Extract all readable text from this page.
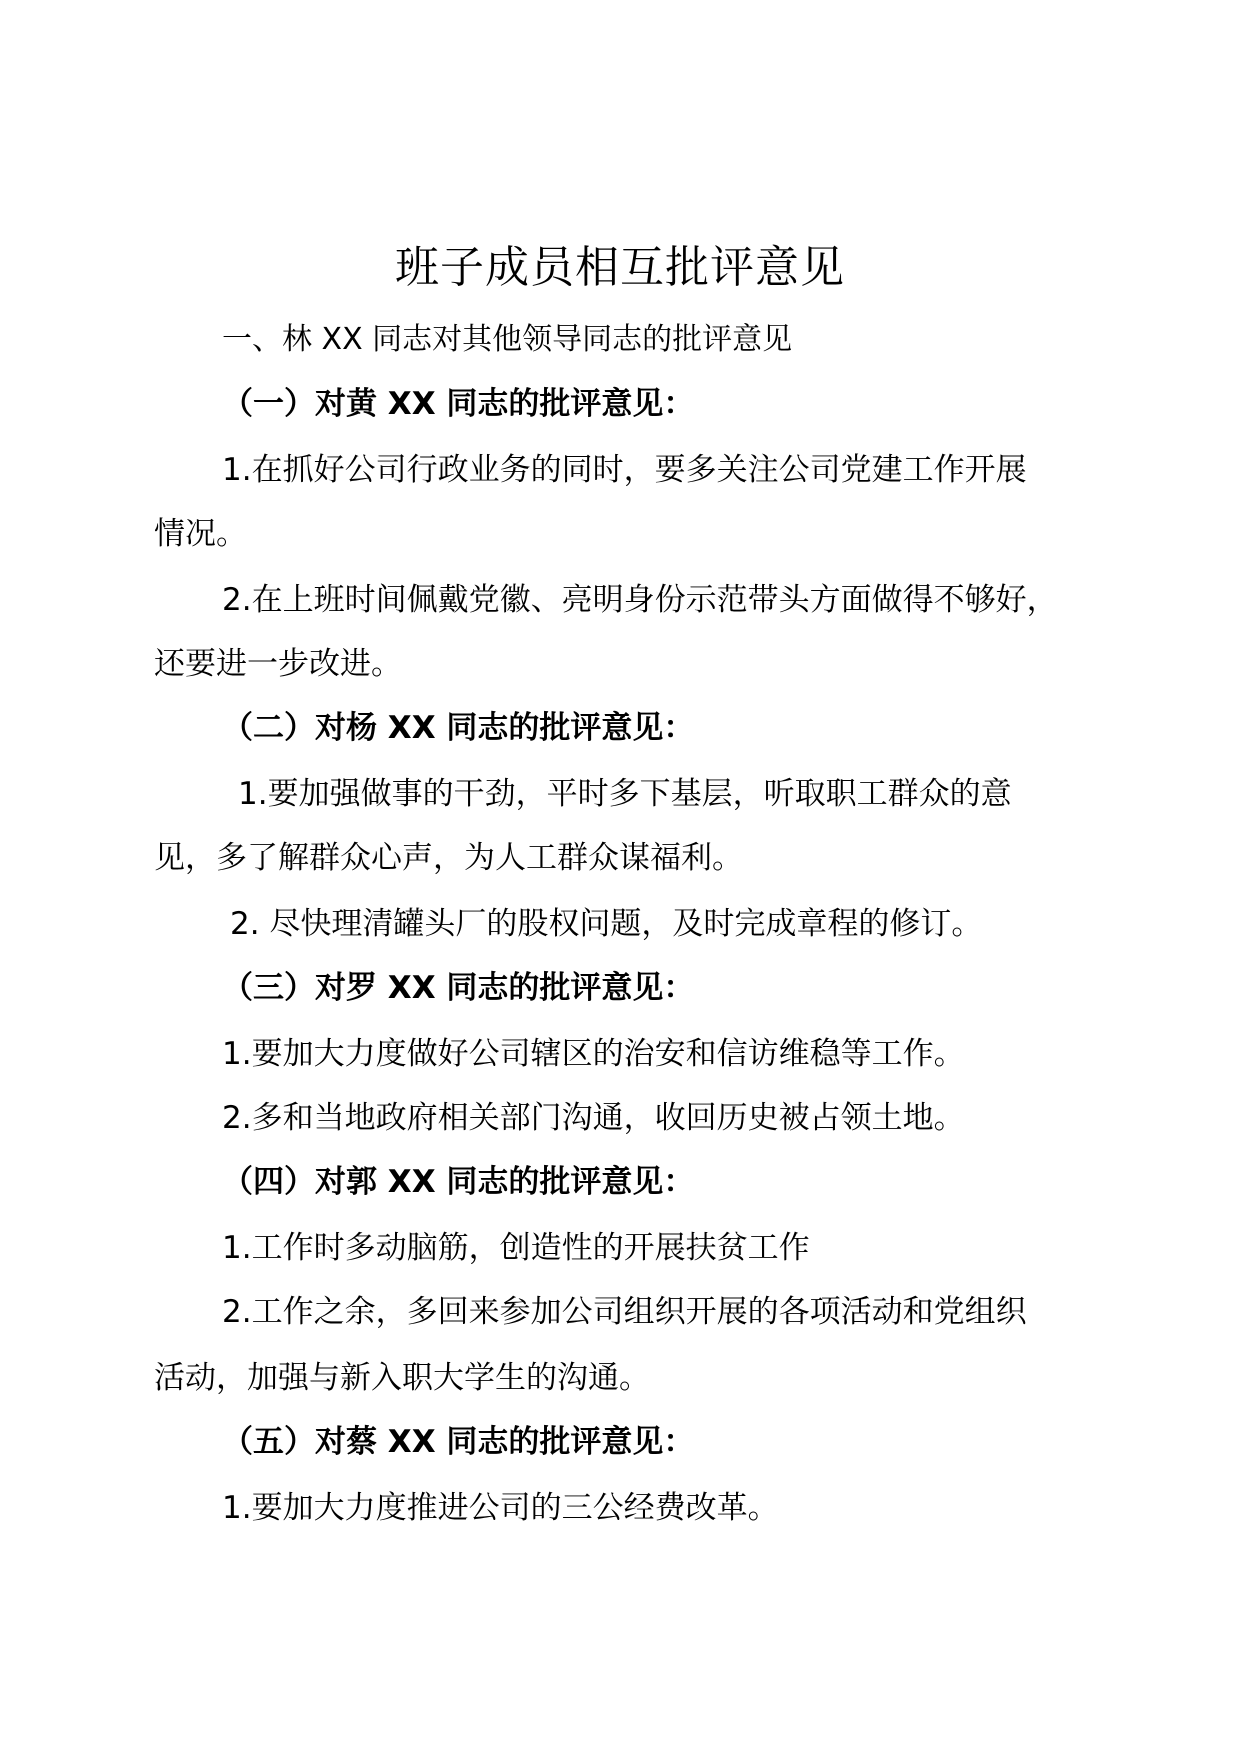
班子成员相互批评意见
一、林 XX 同志对其他领导同志的批评意见
（一）对黄 XX 同志的批评意见：
1.在抓好公司行政业务的同时，要多关注公司党建工作开展
情况。
2.在上班时间佩戴党徽、亮明身份示范带头方面做得不够好，
还要进一步改进。
（二）对杨 XX 同志的批评意见：
1.要加强做事的干劲，平时多下基层，听取职工群众的意
见，多了解群众心声，为人工群众谋福利。
2. 尽快理清罐头厂的股权问题，及时完成章程的修订。
（三）对罗 XX 同志的批评意见：
1.要加大力度做好公司辖区的治安和信访维稳等工作。
2.多和当地政府相关部门沟通，收回历史被占领土地。
（四）对郭 XX 同志的批评意见：
1.工作时多动脑筋，创造性的开展扶贫工作
2.工作之余，多回来参加公司组织开展的各项活动和党组织
活动，加强与新入职大学生的沟通。
（五）对蔡 XX 同志的批评意见：
1.要加大力度推进公司的三公经费改革。
